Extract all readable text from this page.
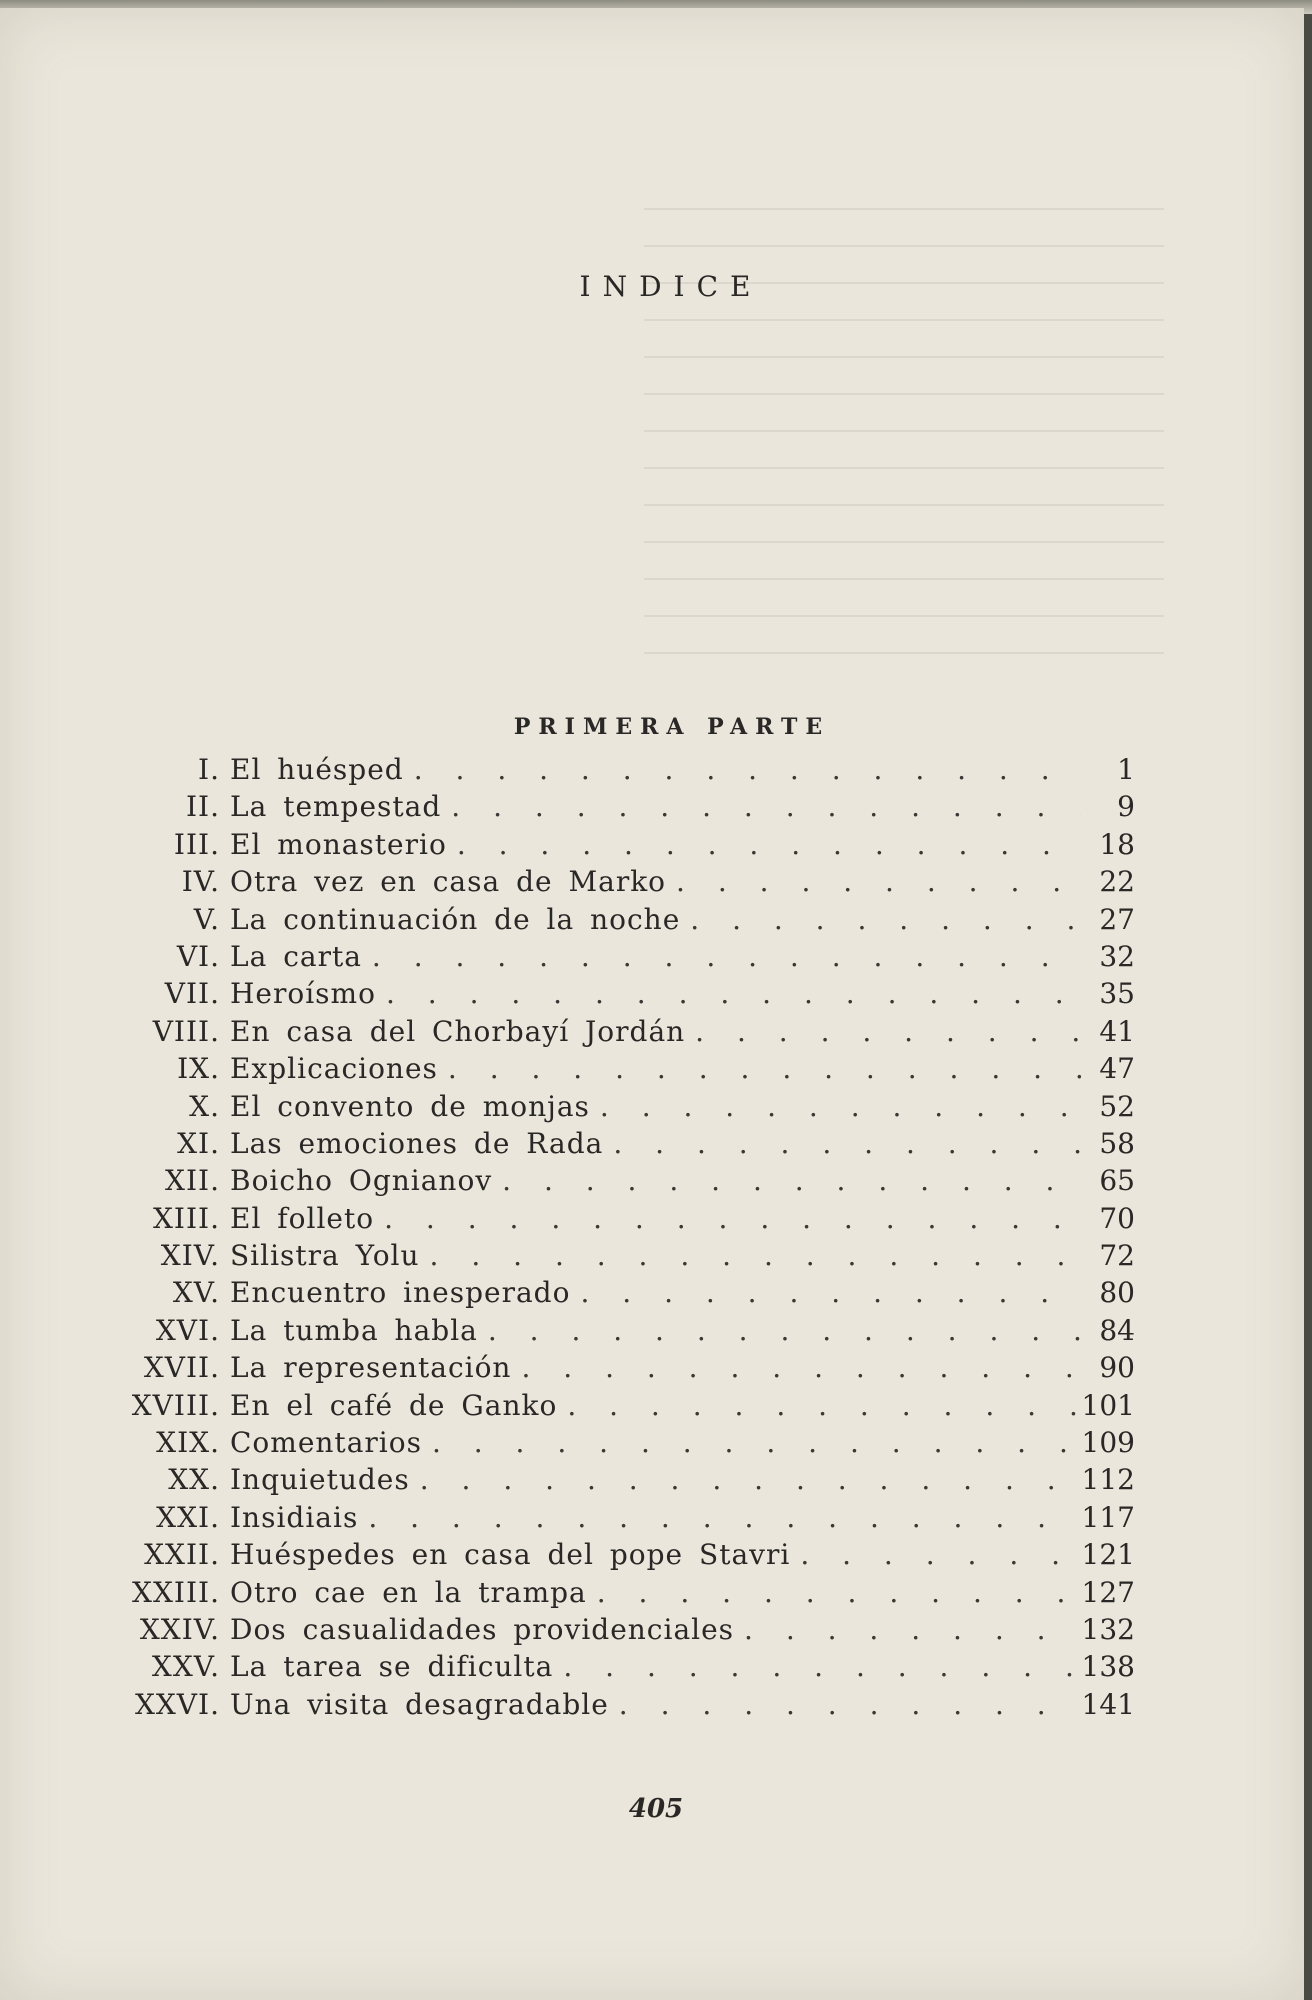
INDICE
PRIMERA PARTE
I. El huésped . . .	1
II. La tempestad . . .	9
III. El monasterio . . .	18
IV. Otra vez en casa de Marko . . .	22
V. La continuación de la noche . . .	27
VI. La carta . . .	32
VII. Heroísmo . . .	35
VIII. En casa del Chorbayí Jordán . . .	41
IX. Explicaciones . . .	47
X. El convento de monjas . . .	52
XI. Las emociones de Rada . . .	58
XII. Boicho Ognianov . . .	65
XIII. El folleto . . .	70
XIV. Silistra Yolu . . .	72
XV. Encuentro inesperado . . .	80
XVI. La tumba habla . . .	84
XVII. La representación . . .	90
XVIII. En el café de Ganko . . .	101
XIX. Comentarios . . .	109
XX. Inquietudes . . .	112
XXI. Insidiais . . .	117
XXII. Huéspedes en casa del pope Stavri . . .	121
XXIII. Otro cae en la trampa . . .	127
XXIV. Dos casualidades providenciales . . .	132
XXV. La tarea se dificulta . . .	138
XXVI. Una visita desagradable . . .	141

405
